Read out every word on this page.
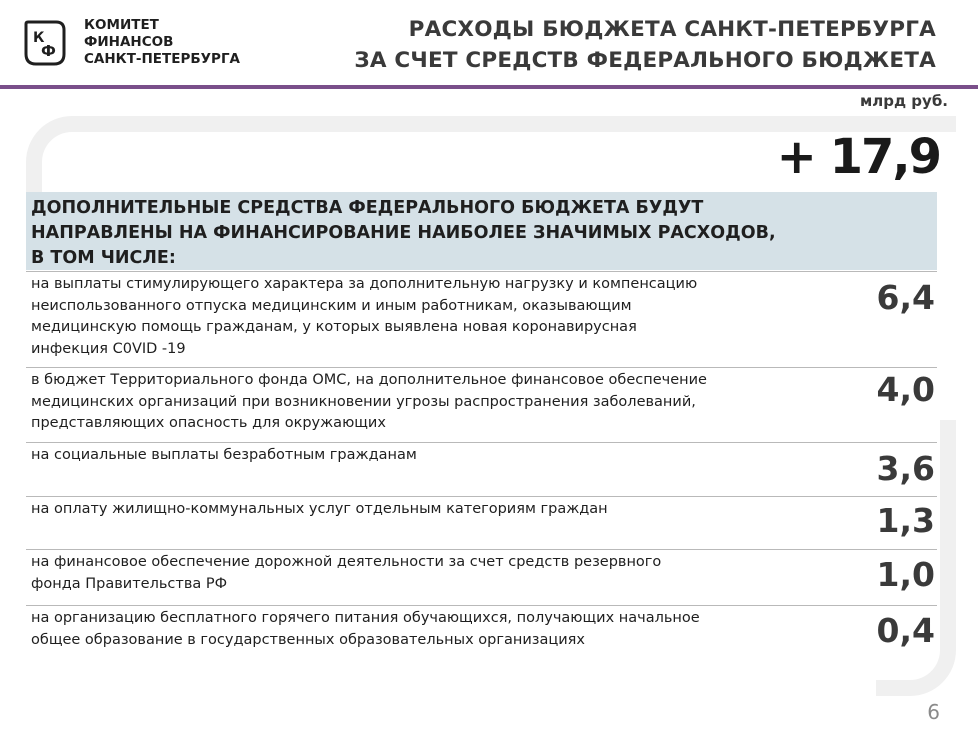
К
Ф
КОМИТЕТ
ФИНАНСОВ
САНКТ-ПЕТЕРБУРГА
РАСХОДЫ БЮДЖЕТА САНКТ-ПЕТЕРБУРГА
ЗА СЧЕТ СРЕДСТВ ФЕДЕРАЛЬНОГО БЮДЖЕТА
млрд руб.
+ 17,9
ДОПОЛНИТЕЛЬНЫЕ СРЕДСТВА ФЕДЕРАЛЬНОГО БЮДЖЕТА БУДУТ
НАПРАВЛЕНЫ НА ФИНАНСИРОВАНИЕ НАИБОЛЕЕ ЗНАЧИМЫХ РАСХОДОВ,
В ТОМ ЧИСЛЕ:
на выплаты стимулирующего характера за дополнительную нагрузку и компенсацию
неиспользованного отпуска медицинским и иным работникам, оказывающим
медицинскую помощь гражданам, у которых выявлена новая коронавирусная
инфекция C0VID -19
6,4
в бюджет Территориального фонда ОМС, на дополнительное финансовое обеспечение
медицинских организаций при возникновении угрозы распространения заболеваний,
представляющих опасность для окружающих
4,0
на социальные выплаты безработным гражданам	3,6
на оплату жилищно-коммунальных услуг отдельным категориям граждан	1,3
на финансовое обеспечение дорожной деятельности за счет средств резервного
фонда Правительства РФ	1,0
на организацию бесплатного горячего питания обучающихся, получающих начальное
общее образование в государственных образовательных организациях	0,4
6
